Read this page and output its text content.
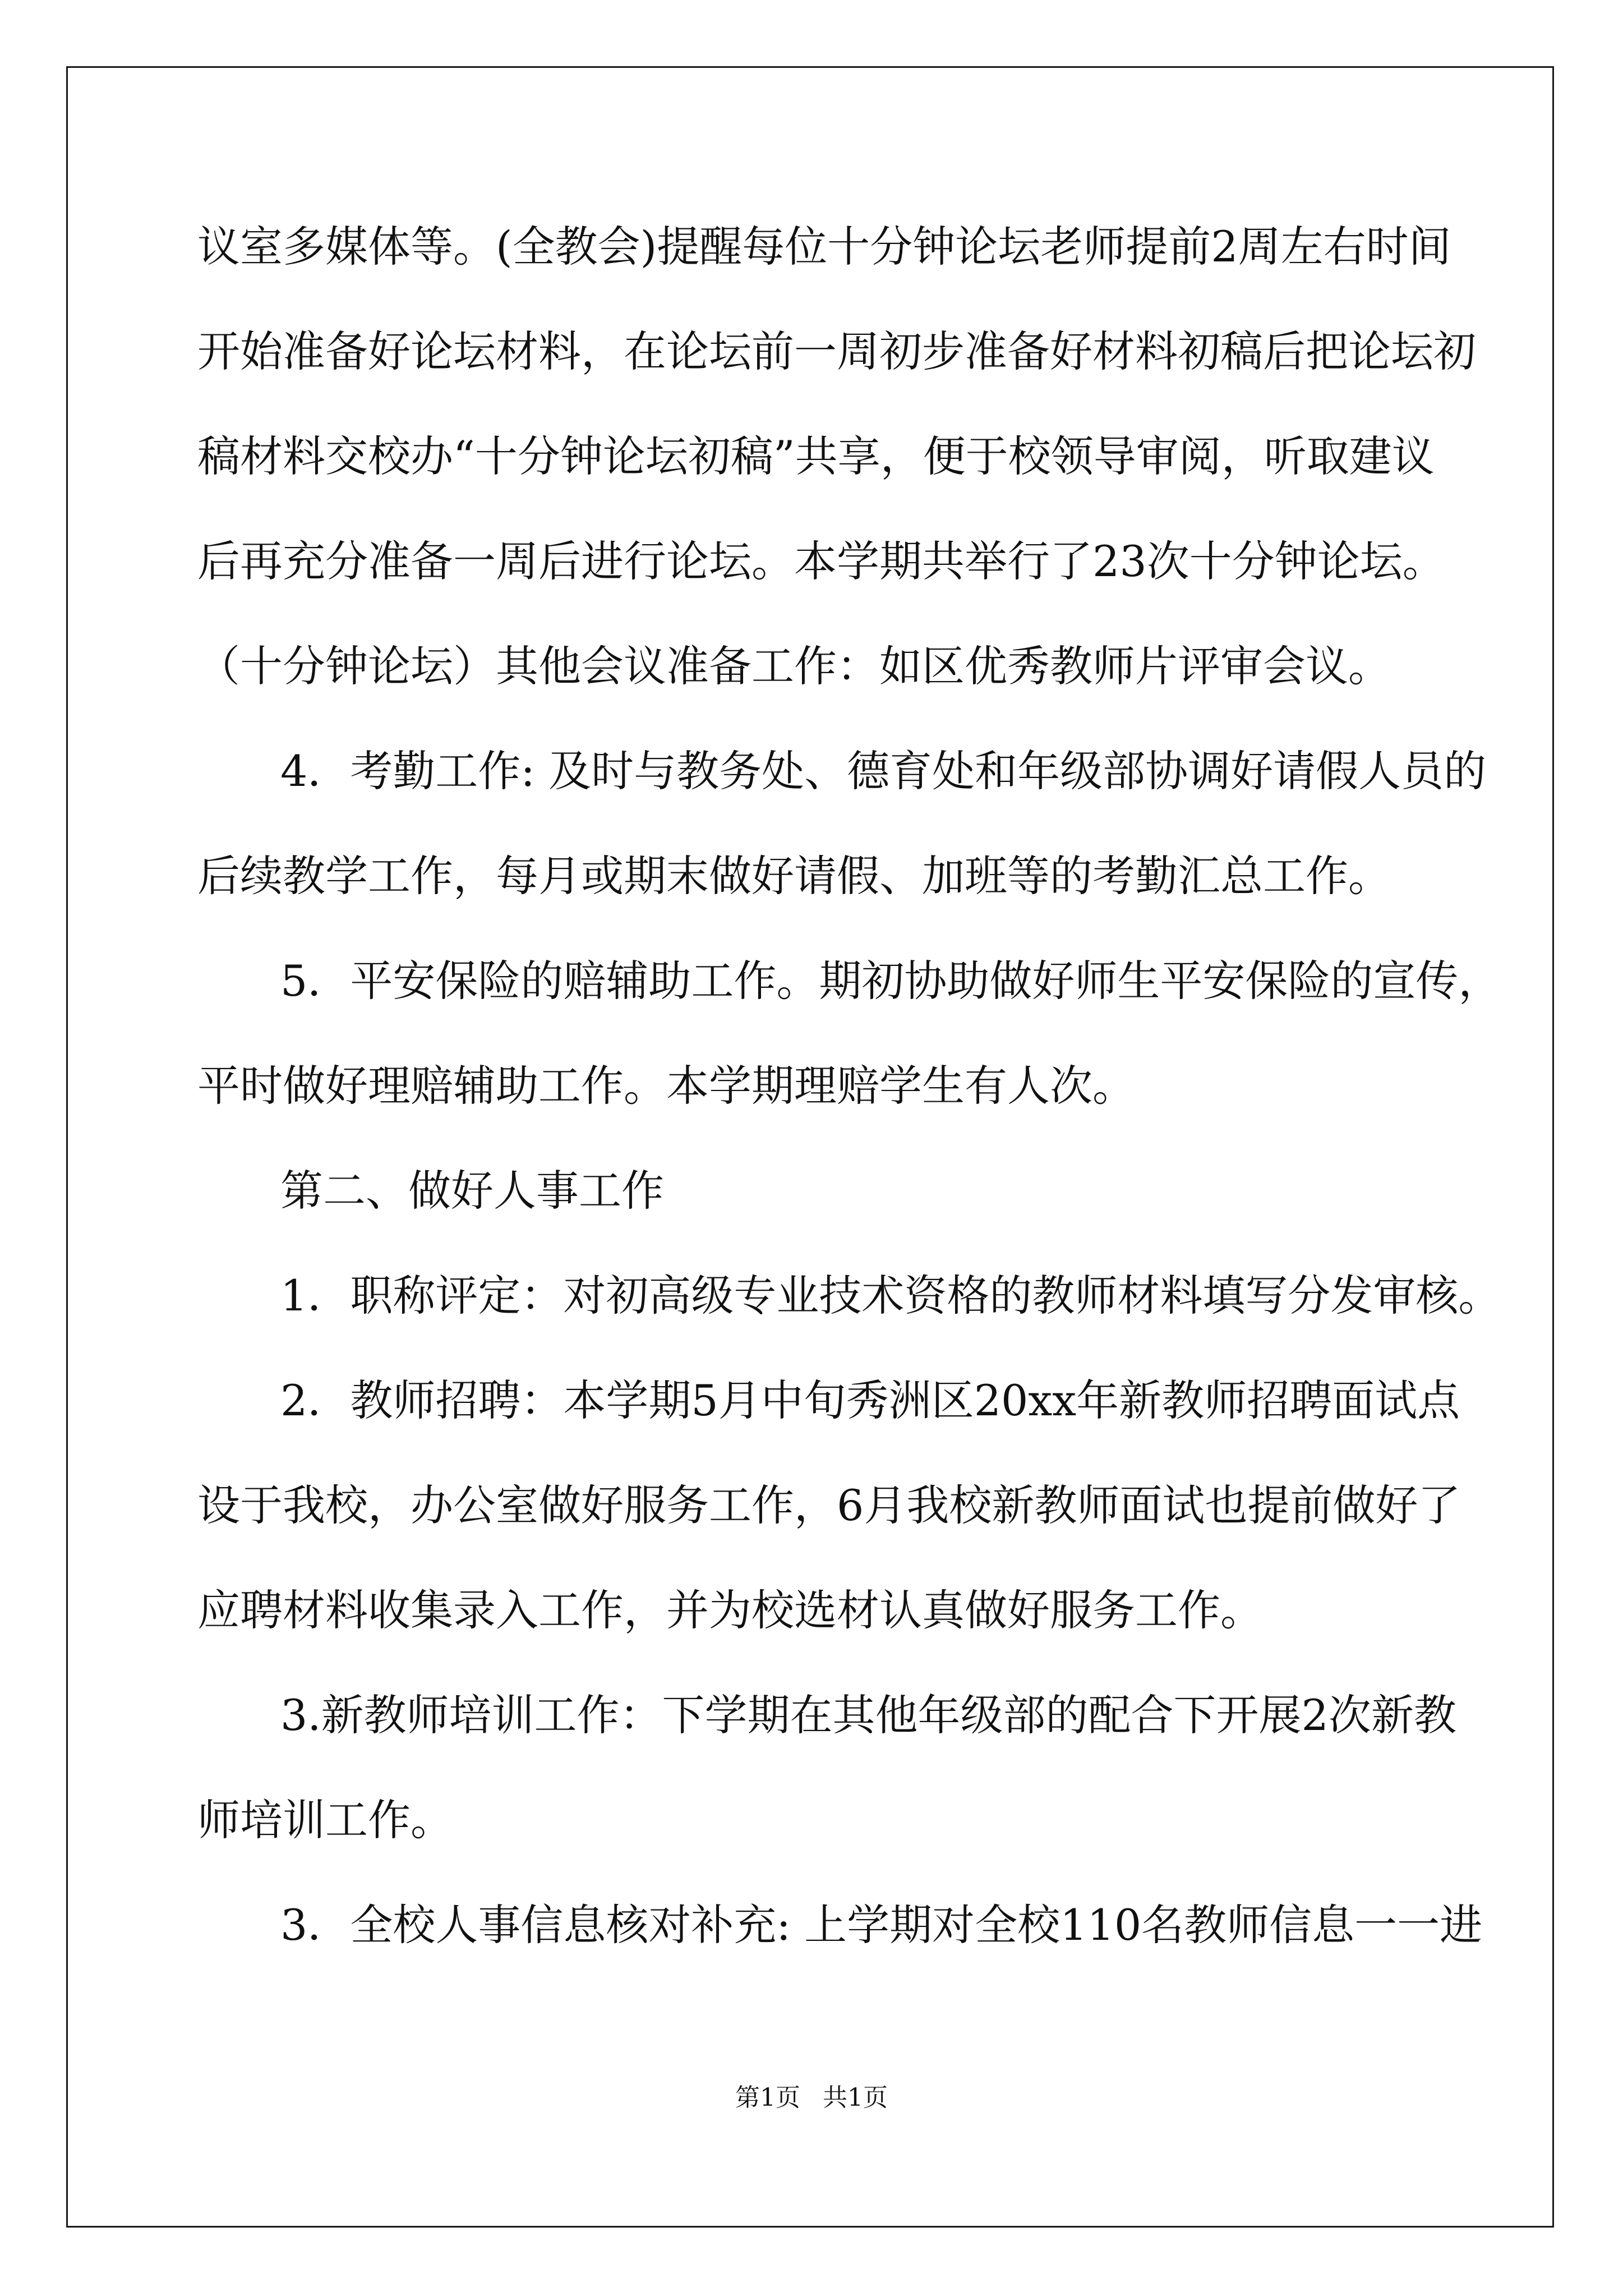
议室多媒体等。(全教会)提醒每位十分钟论坛老师提前2周左右时间
开始准备好论坛材料，在论坛前一周初步准备好材料初稿后把论坛初
稿材料交校办“十分钟论坛初稿”共享，便于校领导审阅，听取建议
后再充分准备一周后进行论坛。本学期共举行了23次十分钟论坛。
（十分钟论坛）其他会议准备工作：如区优秀教师片评审会议。
4．考勤工作: 及时与教务处、德育处和年级部协调好请假人员的
后续教学工作，每月或期末做好请假、加班等的考勤汇总工作。
5．平安保险的赔辅助工作。期初协助做好师生平安保险的宣传，
平时做好理赔辅助工作。本学期理赔学生有人次。
第二、做好人事工作
1．职称评定：对初高级专业技术资格的教师材料填写分发审核。
2．教师招聘：本学期5月中旬秀洲区20xx年新教师招聘面试点
设于我校，办公室做好服务工作，6月我校新教师面试也提前做好了
应聘材料收集录入工作，并为校选材认真做好服务工作。
3.新教师培训工作：下学期在其他年级部的配合下开展2次新教
师培训工作。
3．全校人事信息核对补充: 上学期对全校110名教师信息一一进
第1页 共1页
